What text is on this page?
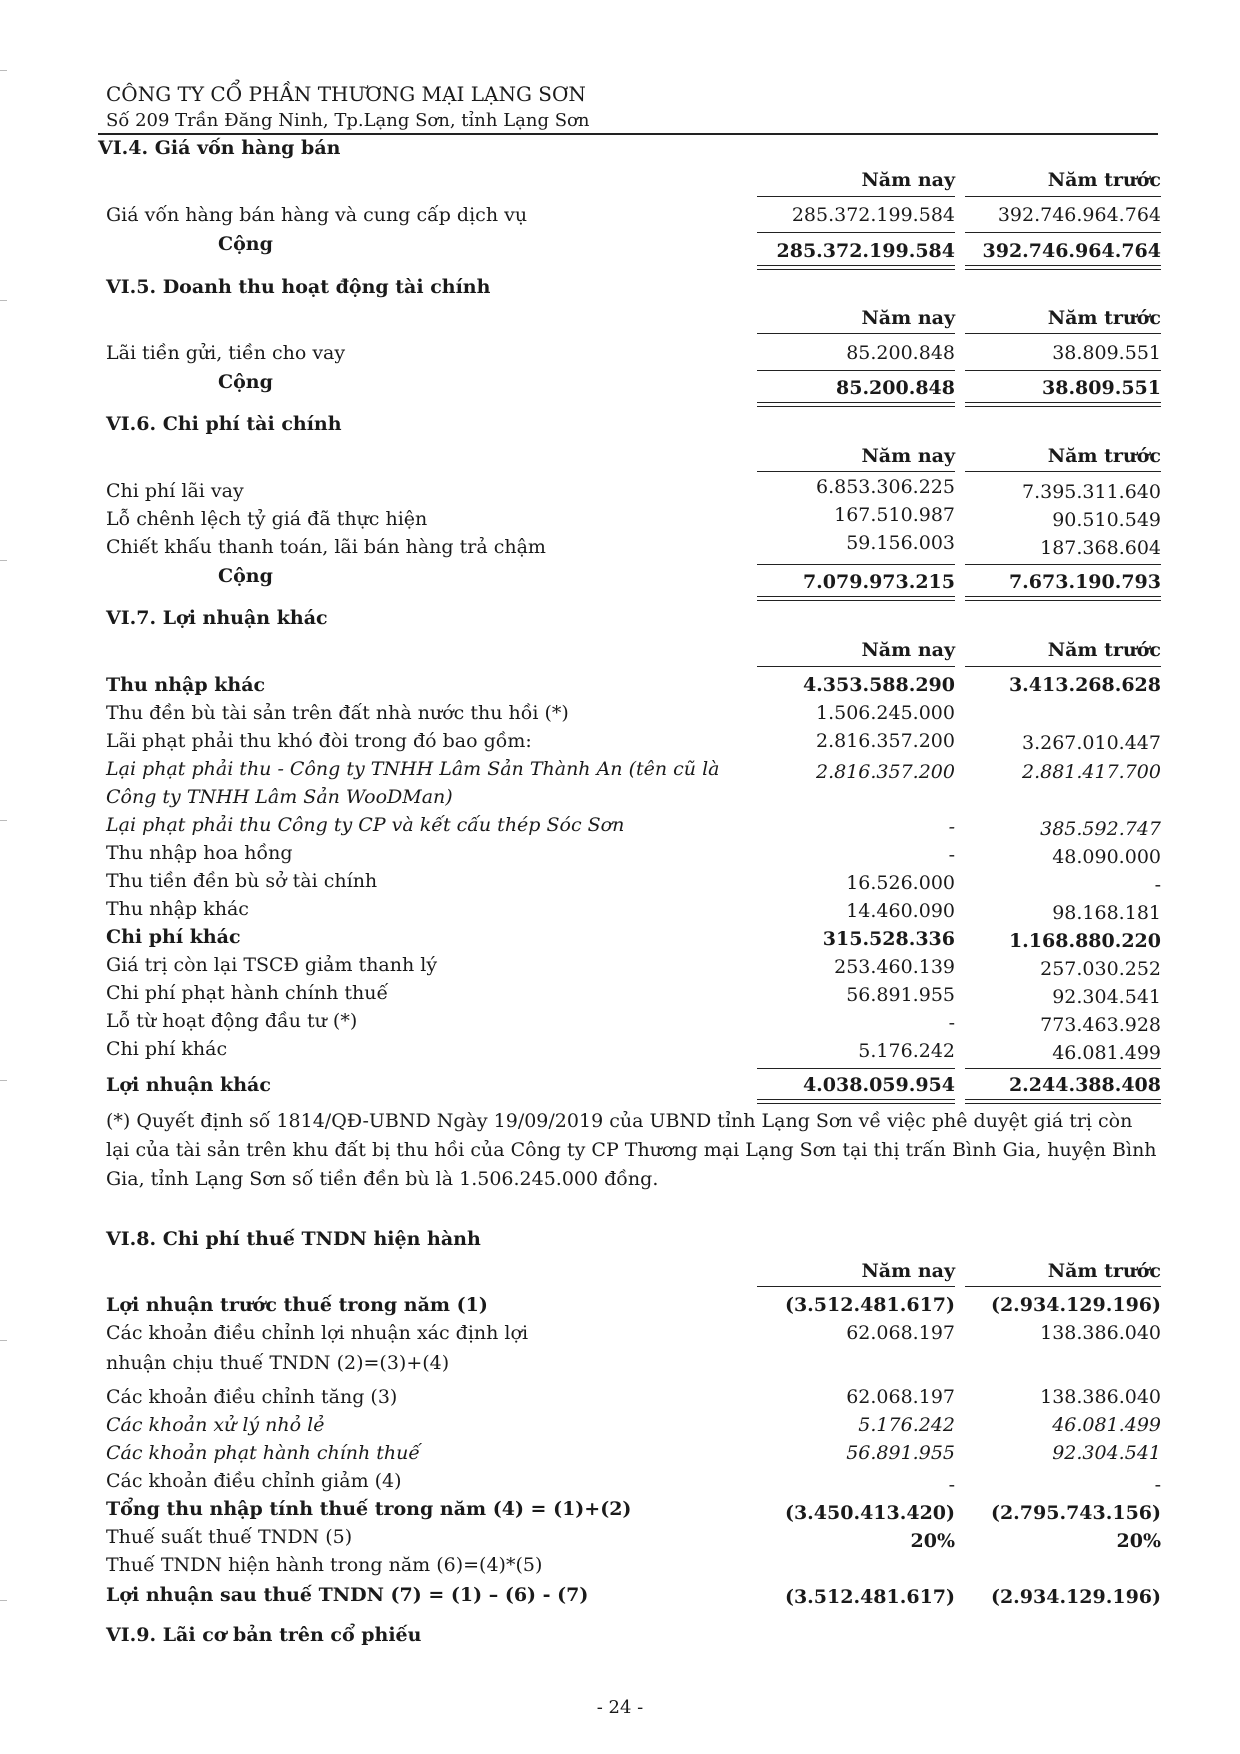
CÔNG TY CỔ PHẦN THƯƠNG MẠI LẠNG SƠN
Số 209 Trần Đăng Ninh, Tp.Lạng Sơn, tỉnh Lạng Sơn
VI.4. Giá vốn hàng bán
Năm nay	Năm trước
Giá vốn hàng bán hàng và cung cấp dịch vụ	285.372.199.584	392.746.964.764
Cộng	285.372.199.584	392.746.964.764
VI.5. Doanh thu hoạt động tài chính
Năm nay	Năm trước
Lãi tiền gửi, tiền cho vay	85.200.848	38.809.551
Cộng	85.200.848	38.809.551
VI.6. Chi phí tài chính
Năm nay	Năm trước
Chi phí lãi vay	6.853.306.225	7.395.311.640
Lỗ chênh lệch tỷ giá đã thực hiện	167.510.987	90.510.549
Chiết khấu thanh toán, lãi bán hàng trả chậm	59.156.003	187.368.604
Cộng	7.079.973.215	7.673.190.793
VI.7. Lợi nhuận khác
Năm nay	Năm trước
Thu nhập khác	4.353.588.290	3.413.268.628
Thu đền bù tài sản trên đất nhà nước thu hồi (*)	1.506.245.000
Lãi phạt phải thu khó đòi trong đó bao gồm:	2.816.357.200	3.267.010.447
Lại phạt phải thu - Công ty TNHH Lâm Sản Thành An (tên cũ là
Công ty TNHH Lâm Sản WooDMan)
2.816.357.200	2.881.417.700
Lại phạt phải thu Công ty CP và kết cấu thép Sóc Sơn	-	385.592.747
Thu nhập hoa hồng	-	48.090.000
Thu tiền đền bù sở tài chính	16.526.000	-
Thu nhập khác	14.460.090	98.168.181
Chi phí khác	315.528.336	1.168.880.220
Giá trị còn lại TSCĐ giảm thanh lý	253.460.139	257.030.252
Chi phí phạt hành chính thuế	56.891.955	92.304.541
Lỗ từ hoạt động đầu tư (*)	-	773.463.928
Chi phí khác	5.176.242	46.081.499
Lợi nhuận khác	4.038.059.954	2.244.388.408
(*) Quyết định số 1814/QĐ-UBND Ngày 19/09/2019 của UBND tỉnh Lạng Sơn về việc phê duyệt giá trị còn lại của tài sản trên khu đất bị thu hồi của Công ty CP Thương mại Lạng Sơn tại thị trấn Bình Gia, huyện Bình Gia, tỉnh Lạng Sơn số tiền đền bù là 1.506.245.000 đồng.
VI.8. Chi phí thuế TNDN hiện hành
Năm nay	Năm trước
Lợi nhuận trước thuế trong năm (1)	(3.512.481.617)	(2.934.129.196)
Các khoản điều chỉnh lợi nhuận xác định lợi
nhuận chịu thuế TNDN (2)=(3)+(4)
62.068.197	138.386.040
Các khoản điều chỉnh tăng (3)	62.068.197	138.386.040
Các khoản xử lý nhỏ lẻ	5.176.242	46.081.499
Các khoản phạt hành chính thuế	56.891.955	92.304.541
Các khoản điều chỉnh giảm (4)	-	-
Tổng thu nhập tính thuế trong năm (4) = (1)+(2)	(3.450.413.420)	(2.795.743.156)
Thuế suất thuế TNDN (5)	20%	20%
Thuế TNDN hiện hành trong năm (6)=(4)*(5)
Lợi nhuận sau thuế TNDN (7) = (1) – (6) - (7)	(3.512.481.617)	(2.934.129.196)
VI.9. Lãi cơ bản trên cổ phiếu
- 24 -
